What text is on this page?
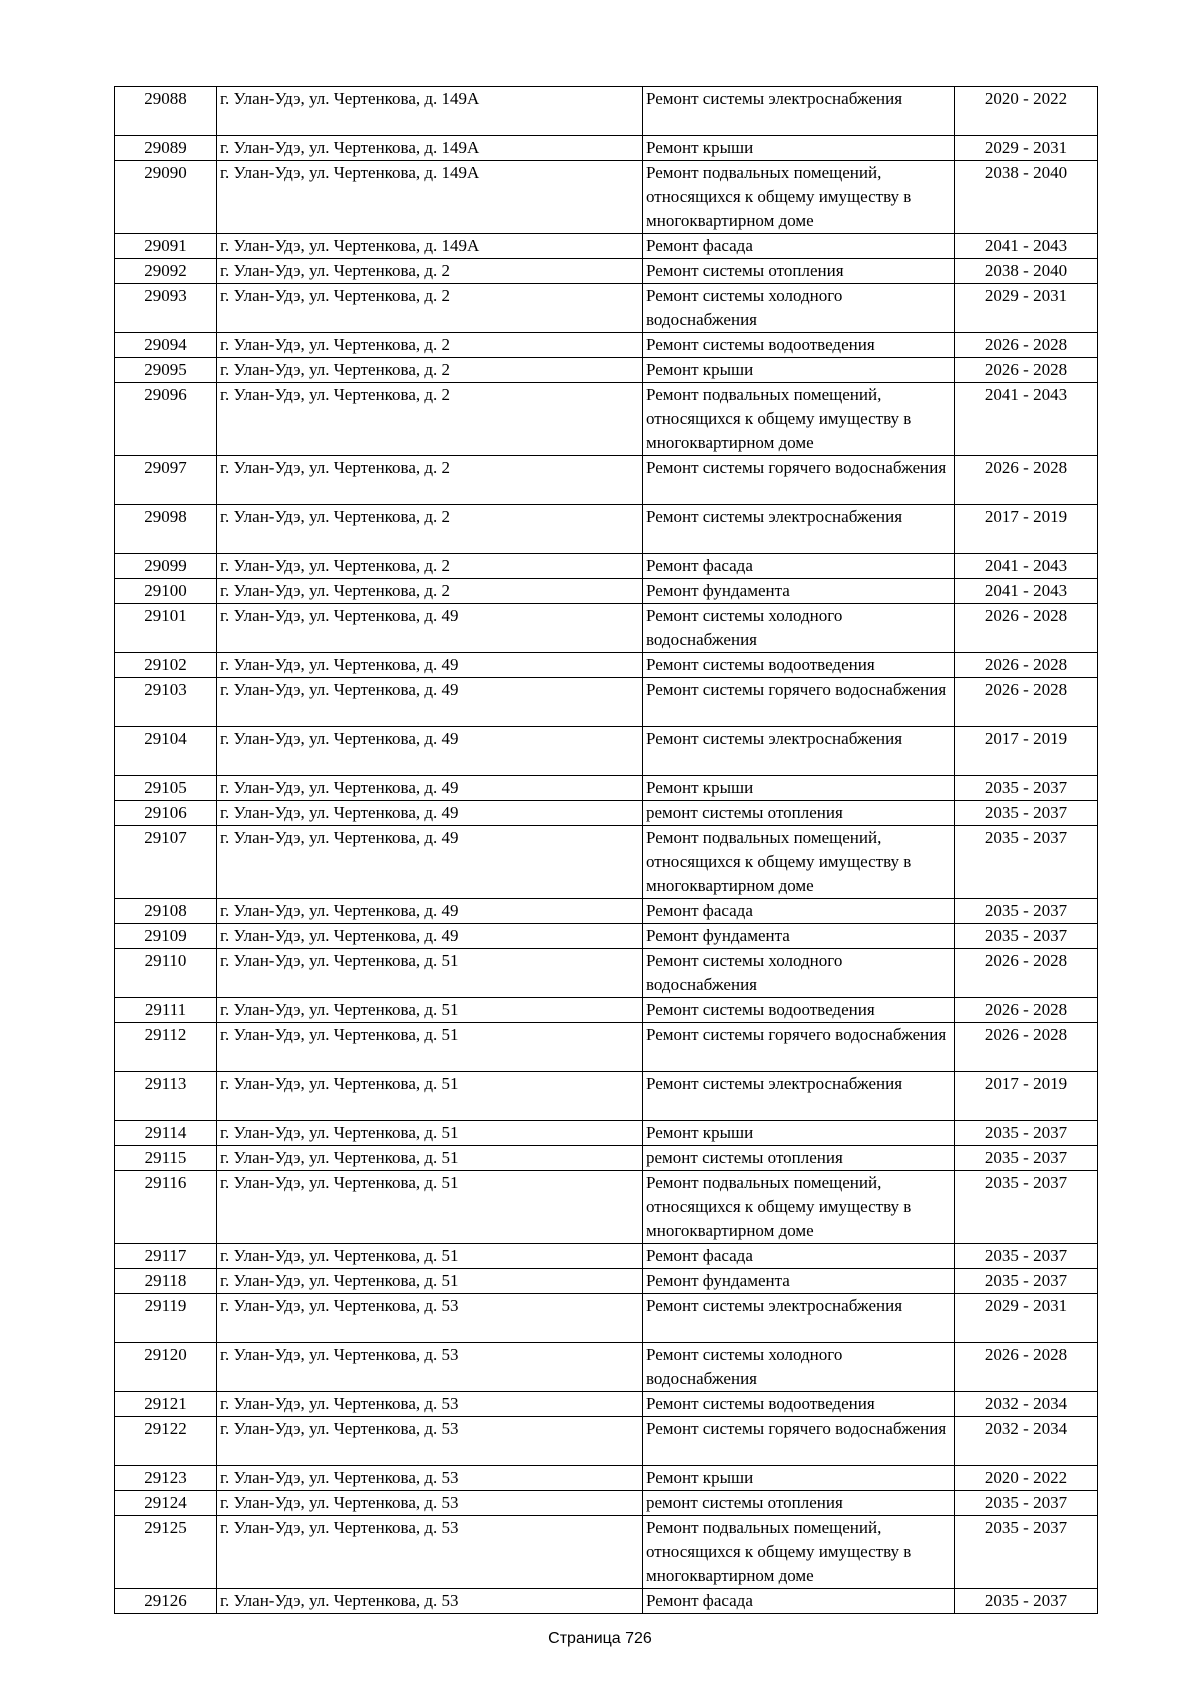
29088	г. Улан-Удэ, ул. Чертенкова, д. 149А	Ремонт системы электроснабжения	2020 - 2022
29089	г. Улан-Удэ, ул. Чертенкова, д. 149А	Ремонт крыши	2029 - 2031
29090	г. Улан-Удэ, ул. Чертенкова, д. 149А	Ремонт подвальных помещений, относящихся к общему имуществу в многоквартирном доме	2038 - 2040
29091	г. Улан-Удэ, ул. Чертенкова, д. 149А	Ремонт фасада	2041 - 2043
29092	г. Улан-Удэ, ул. Чертенкова, д. 2	Ремонт системы отопления	2038 - 2040
29093	г. Улан-Удэ, ул. Чертенкова, д. 2	Ремонт системы холодного водоснабжения	2029 - 2031
29094	г. Улан-Удэ, ул. Чертенкова, д. 2	Ремонт системы водоотведения	2026 - 2028
29095	г. Улан-Удэ, ул. Чертенкова, д. 2	Ремонт крыши	2026 - 2028
29096	г. Улан-Удэ, ул. Чертенкова, д. 2	Ремонт подвальных помещений, относящихся к общему имуществу в многоквартирном доме	2041 - 2043
29097	г. Улан-Удэ, ул. Чертенкова, д. 2	Ремонт системы горячего водоснабжения	2026 - 2028
29098	г. Улан-Удэ, ул. Чертенкова, д. 2	Ремонт системы электроснабжения	2017 - 2019
29099	г. Улан-Удэ, ул. Чертенкова, д. 2	Ремонт фасада	2041 - 2043
29100	г. Улан-Удэ, ул. Чертенкова, д. 2	Ремонт фундамента	2041 - 2043
29101	г. Улан-Удэ, ул. Чертенкова, д. 49	Ремонт системы холодного водоснабжения	2026 - 2028
29102	г. Улан-Удэ, ул. Чертенкова, д. 49	Ремонт системы водоотведения	2026 - 2028
29103	г. Улан-Удэ, ул. Чертенкова, д. 49	Ремонт системы горячего водоснабжения	2026 - 2028
29104	г. Улан-Удэ, ул. Чертенкова, д. 49	Ремонт системы электроснабжения	2017 - 2019
29105	г. Улан-Удэ, ул. Чертенкова, д. 49	Ремонт крыши	2035 - 2037
29106	г. Улан-Удэ, ул. Чертенкова, д. 49	ремонт системы отопления	2035 - 2037
29107	г. Улан-Удэ, ул. Чертенкова, д. 49	Ремонт подвальных помещений, относящихся к общему имуществу в многоквартирном доме	2035 - 2037
29108	г. Улан-Удэ, ул. Чертенкова, д. 49	Ремонт фасада	2035 - 2037
29109	г. Улан-Удэ, ул. Чертенкова, д. 49	Ремонт фундамента	2035 - 2037
29110	г. Улан-Удэ, ул. Чертенкова, д. 51	Ремонт системы холодного водоснабжения	2026 - 2028
29111	г. Улан-Удэ, ул. Чертенкова, д. 51	Ремонт системы водоотведения	2026 - 2028
29112	г. Улан-Удэ, ул. Чертенкова, д. 51	Ремонт системы горячего водоснабжения	2026 - 2028
29113	г. Улан-Удэ, ул. Чертенкова, д. 51	Ремонт системы электроснабжения	2017 - 2019
29114	г. Улан-Удэ, ул. Чертенкова, д. 51	Ремонт крыши	2035 - 2037
29115	г. Улан-Удэ, ул. Чертенкова, д. 51	ремонт системы отопления	2035 - 2037
29116	г. Улан-Удэ, ул. Чертенкова, д. 51	Ремонт подвальных помещений, относящихся к общему имуществу в многоквартирном доме	2035 - 2037
29117	г. Улан-Удэ, ул. Чертенкова, д. 51	Ремонт фасада	2035 - 2037
29118	г. Улан-Удэ, ул. Чертенкова, д. 51	Ремонт фундамента	2035 - 2037
29119	г. Улан-Удэ, ул. Чертенкова, д. 53	Ремонт системы электроснабжения	2029 - 2031
29120	г. Улан-Удэ, ул. Чертенкова, д. 53	Ремонт системы холодного водоснабжения	2026 - 2028
29121	г. Улан-Удэ, ул. Чертенкова, д. 53	Ремонт системы водоотведения	2032 - 2034
29122	г. Улан-Удэ, ул. Чертенкова, д. 53	Ремонт системы горячего водоснабжения	2032 - 2034
29123	г. Улан-Удэ, ул. Чертенкова, д. 53	Ремонт крыши	2020 - 2022
29124	г. Улан-Удэ, ул. Чертенкова, д. 53	ремонт системы отопления	2035 - 2037
29125	г. Улан-Удэ, ул. Чертенкова, д. 53	Ремонт подвальных помещений, относящихся к общему имуществу в многоквартирном доме	2035 - 2037
29126	г. Улан-Удэ, ул. Чертенкова, д. 53	Ремонт фасада	2035 - 2037
Страница 726
